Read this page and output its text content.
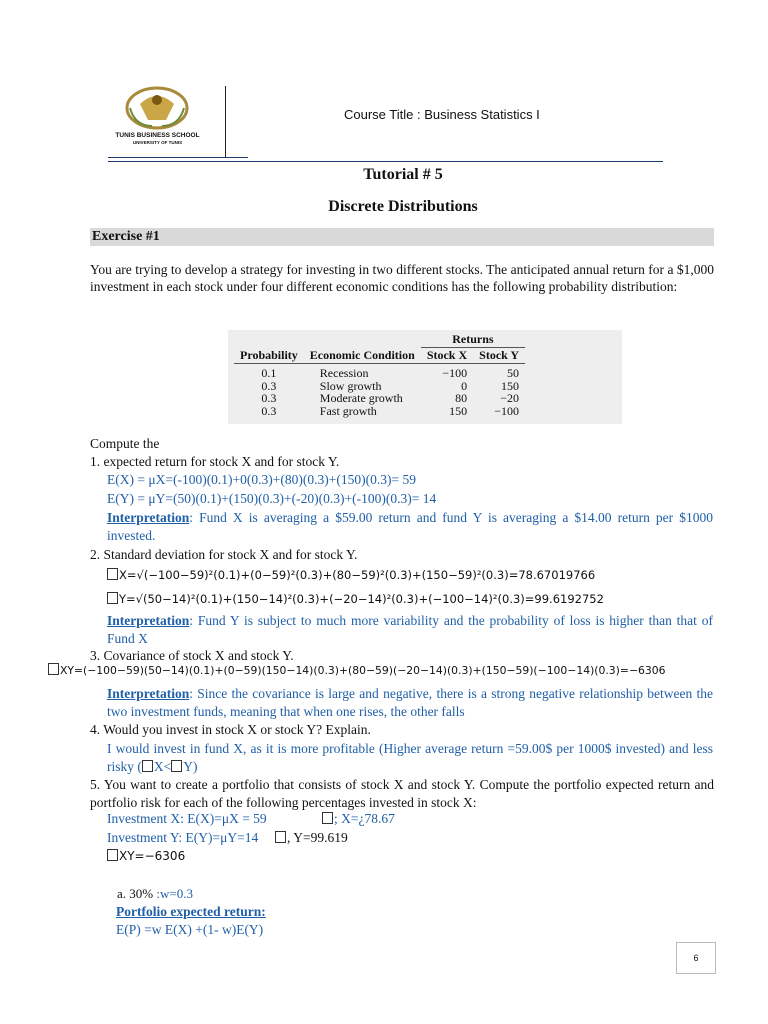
TUNIS BUSINESS SCHOOL
UNIVERSITY OF TUNIS
Course Title : Business Statistics I
Tutorial # 5
Discrete Distributions
Exercise #1
You are trying to develop a strategy for investing in two different stocks. The anticipated annual return for a $1,000 investment in each stock under four different economic conditions has the following probability distribution:
		Returns	
Probability	Economic Condition	Stock X	Stock Y
0.1	Recession	−100	50
0.3	Slow growth	0	150
0.3	Moderate growth	80	−20
0.3	Fast growth	150	−100
Compute the
1. expected return for stock X and for stock Y.
E(X) = μX=(-100)(0.1)+0(0.3)+(80)(0.3)+(150)(0.3)= 59
E(Y) = μY=(50)(0.1)+(150)(0.3)+(-20)(0.3)+(-100)(0.3)= 14
Interpretation: Fund X is averaging a $59.00 return and fund Y is averaging a $14.00 return per $1000 invested.
2. Standard deviation for stock X and for stock Y.
X=√(−100−59)²(0.1)+(0−59)²(0.3)+(80−59)²(0.3)+(150−59)²(0.3)=78.67019766
Y=√(50−14)²(0.1)+(150−14)²(0.3)+(−20−14)²(0.3)+(−100−14)²(0.3)=99.6192752
Interpretation: Fund Y is subject to much more variability and the probability of loss is higher than that of Fund X
3. Covariance of stock X and stock Y.
XY=(−100−59)(50−14)(0.1)+(0−59)(150−14)(0.3)+(80−59)(−20−14)(0.3)+(150−59)(−100−14)(0.3)=−6306
Interpretation: Since the covariance is large and negative, there is a strong negative relationship between the two investment funds, meaning that when one rises, the other falls
4. Would you invest in stock X or stock Y? Explain.
I would invest in fund X, as it is more profitable (Higher average return =59.00$ per 1000$ invested) and less risky ( X< Y)
5. You want to create a portfolio that consists of stock X and stock Y. Compute the portfolio expected return and portfolio risk for each of the following percentages invested in stock X:
Investment X: E(X)=μX = 59	; X=¿78.67
Investment Y: E(Y)=μY=14	, Y=99.619
XY=−6306
a. 30% :w=0.3
Portfolio expected return:
E(P) =w E(X) +(1- w)E(Y)
6
